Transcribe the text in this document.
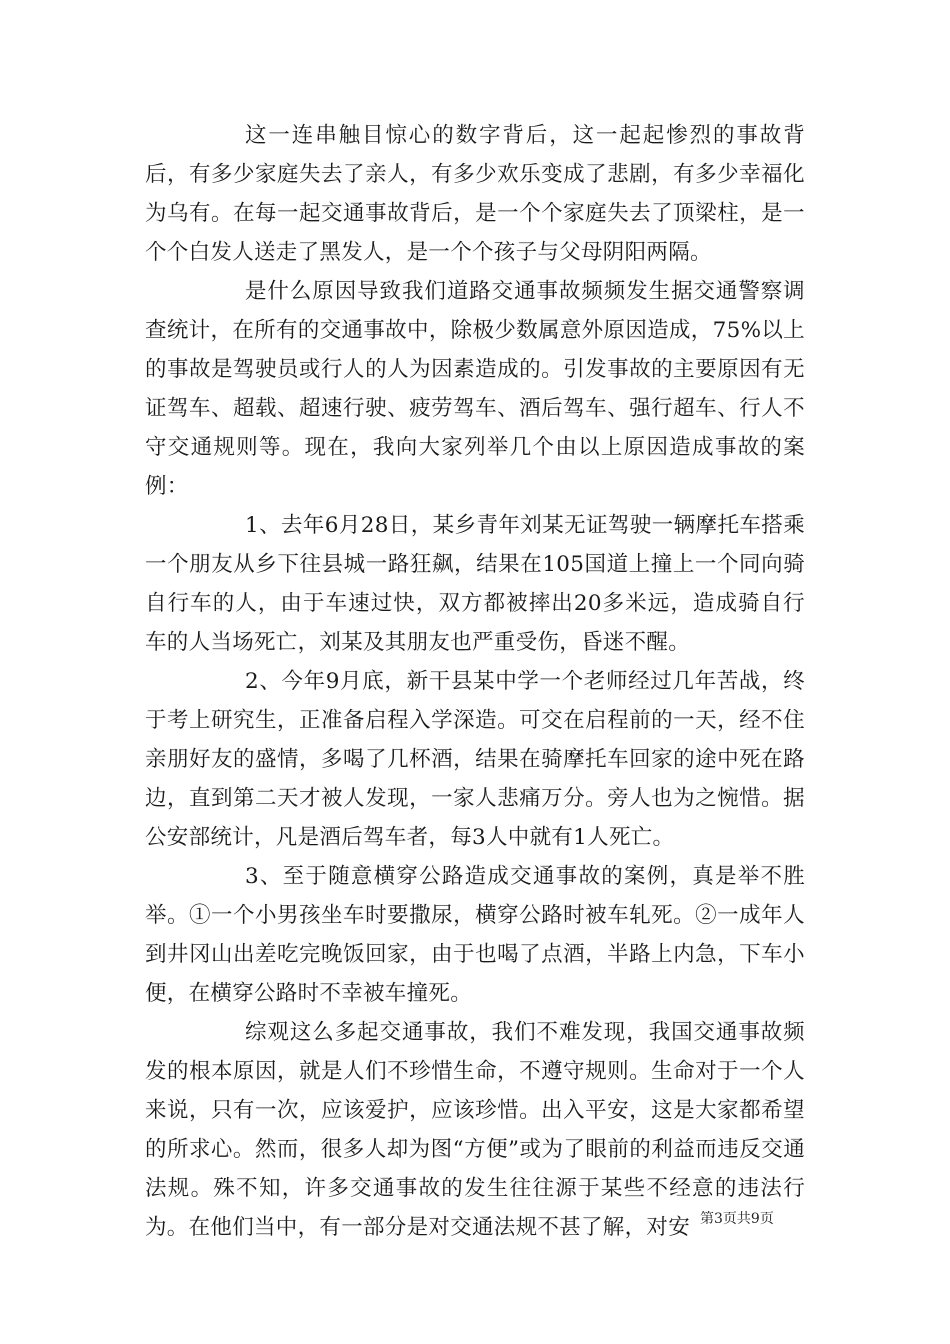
这一连串触目惊心的数字背后，这一起起惨烈的事故背后，有多少家庭失去了亲人，有多少欢乐变成了悲剧，有多少幸福化为乌有。在每一起交通事故背后，是一个个家庭失去了顶梁柱，是一个个白发人送走了黑发人，是一个个孩子与父母阴阳两隔。

是什么原因导致我们道路交通事故频频发生据交通警察调查统计，在所有的交通事故中，除极少数属意外原因造成，75%以上的事故是驾驶员或行人的人为因素造成的。引发事故的主要原因有无证驾车、超载、超速行驶、疲劳驾车、酒后驾车、强行超车、行人不守交通规则等。现在，我向大家列举几个由以上原因造成事故的案例：

1、去年6月28日，某乡青年刘某无证驾驶一辆摩托车搭乘一个朋友从乡下往县城一路狂飙，结果在105国道上撞上一个同向骑自行车的人，由于车速过快，双方都被摔出20多米远，造成骑自行车的人当场死亡，刘某及其朋友也严重受伤，昏迷不醒。

2、今年9月底，新干县某中学一个老师经过几年苦战，终于考上研究生，正准备启程入学深造。可交在启程前的一天，经不住亲朋好友的盛情，多喝了几杯酒，结果在骑摩托车回家的途中死在路边，直到第二天才被人发现，一家人悲痛万分。旁人也为之惋惜。据公安部统计，凡是酒后驾车者，每3人中就有1人死亡。

3、至于随意横穿公路造成交通事故的案例，真是举不胜举。①一个小男孩坐车时要撒尿，横穿公路时被车轧死。②一成年人到井冈山出差吃完晚饭回家，由于也喝了点酒，半路上内急，下车小便，在横穿公路时不幸被车撞死。

综观这么多起交通事故，我们不难发现，我国交通事故频发的根本原因，就是人们不珍惜生命，不遵守规则。生命对于一个人来说，只有一次，应该爱护，应该珍惜。出入平安，这是大家都希望的所求心。然而，很多人却为图“方便”或为了眼前的利益而违反交通法规。殊不知，许多交通事故的发生往往源于某些不经意的违法行为。在他们当中，有一部分是对交通法规不甚了解，对安 第3页共9页
